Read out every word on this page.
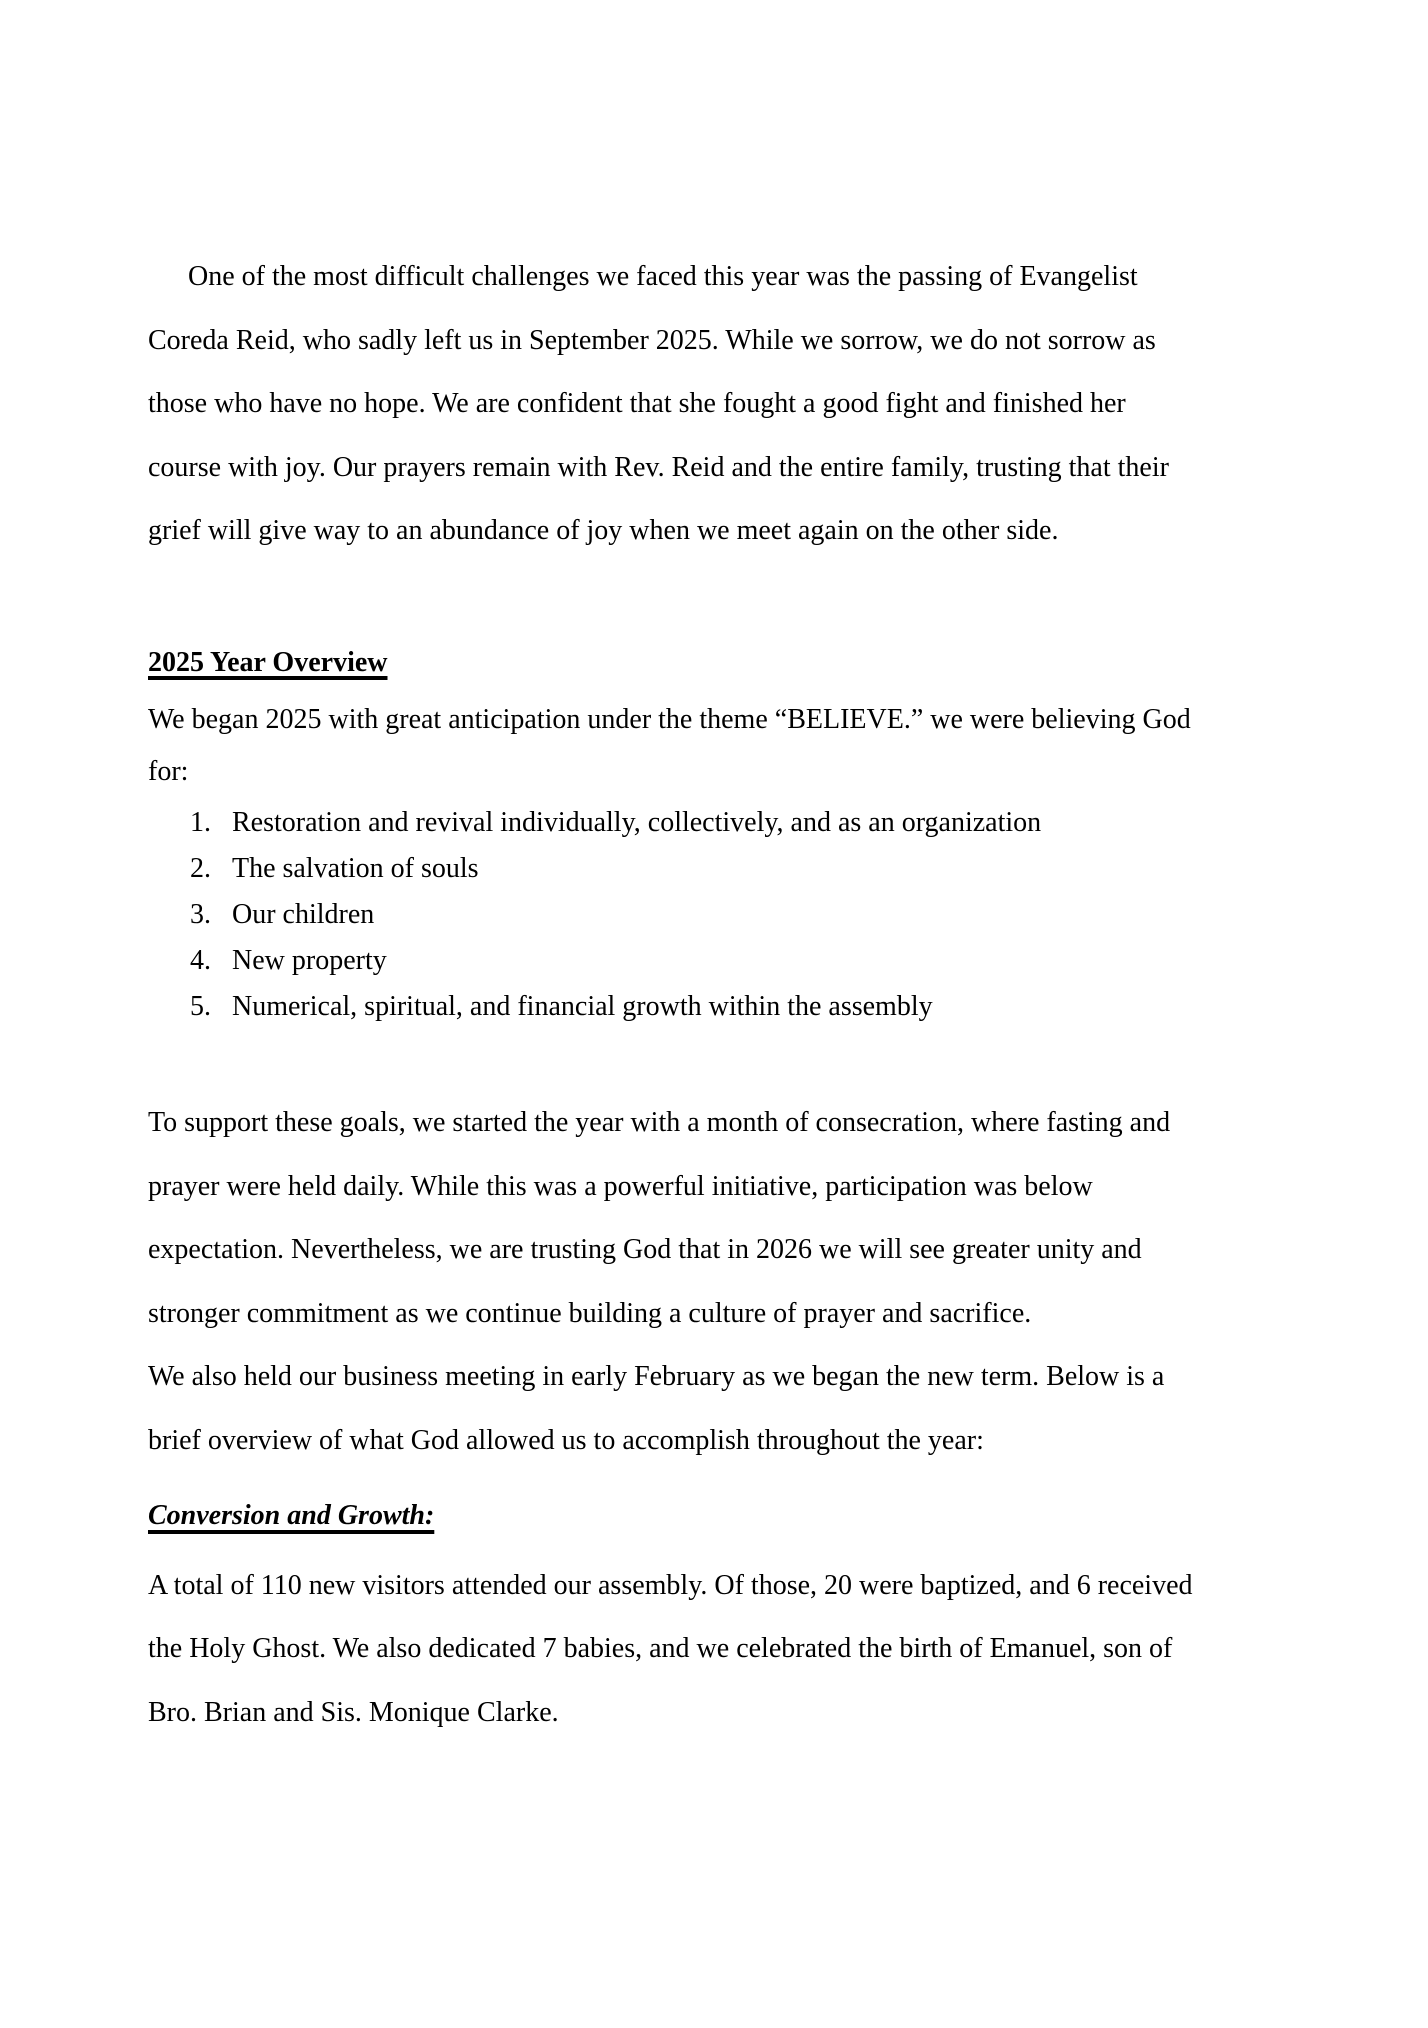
One of the most difficult challenges we faced this year was the passing of Evangelist
Coreda Reid, who sadly left us in September 2025. While we sorrow, we do not sorrow as
those who have no hope. We are confident that she fought a good fight and finished her
course with joy. Our prayers remain with Rev. Reid and the entire family, trusting that their
grief will give way to an abundance of joy when we meet again on the other side.
2025 Year Overview
We began 2025 with great anticipation under the theme “BELIEVE.” we were believing God
for:
1. Restoration and revival individually, collectively, and as an organization
2. The salvation of souls
3. Our children
4. New property
5. Numerical, spiritual, and financial growth within the assembly
To support these goals, we started the year with a month of consecration, where fasting and
prayer were held daily. While this was a powerful initiative, participation was below
expectation. Nevertheless, we are trusting God that in 2026 we will see greater unity and
stronger commitment as we continue building a culture of prayer and sacrifice.
We also held our business meeting in early February as we began the new term. Below is a
brief overview of what God allowed us to accomplish throughout the year:
Conversion and Growth:
A total of 110 new visitors attended our assembly. Of those, 20 were baptized, and 6 received
the Holy Ghost. We also dedicated 7 babies, and we celebrated the birth of Emanuel, son of
Bro. Brian and Sis. Monique Clarke.
